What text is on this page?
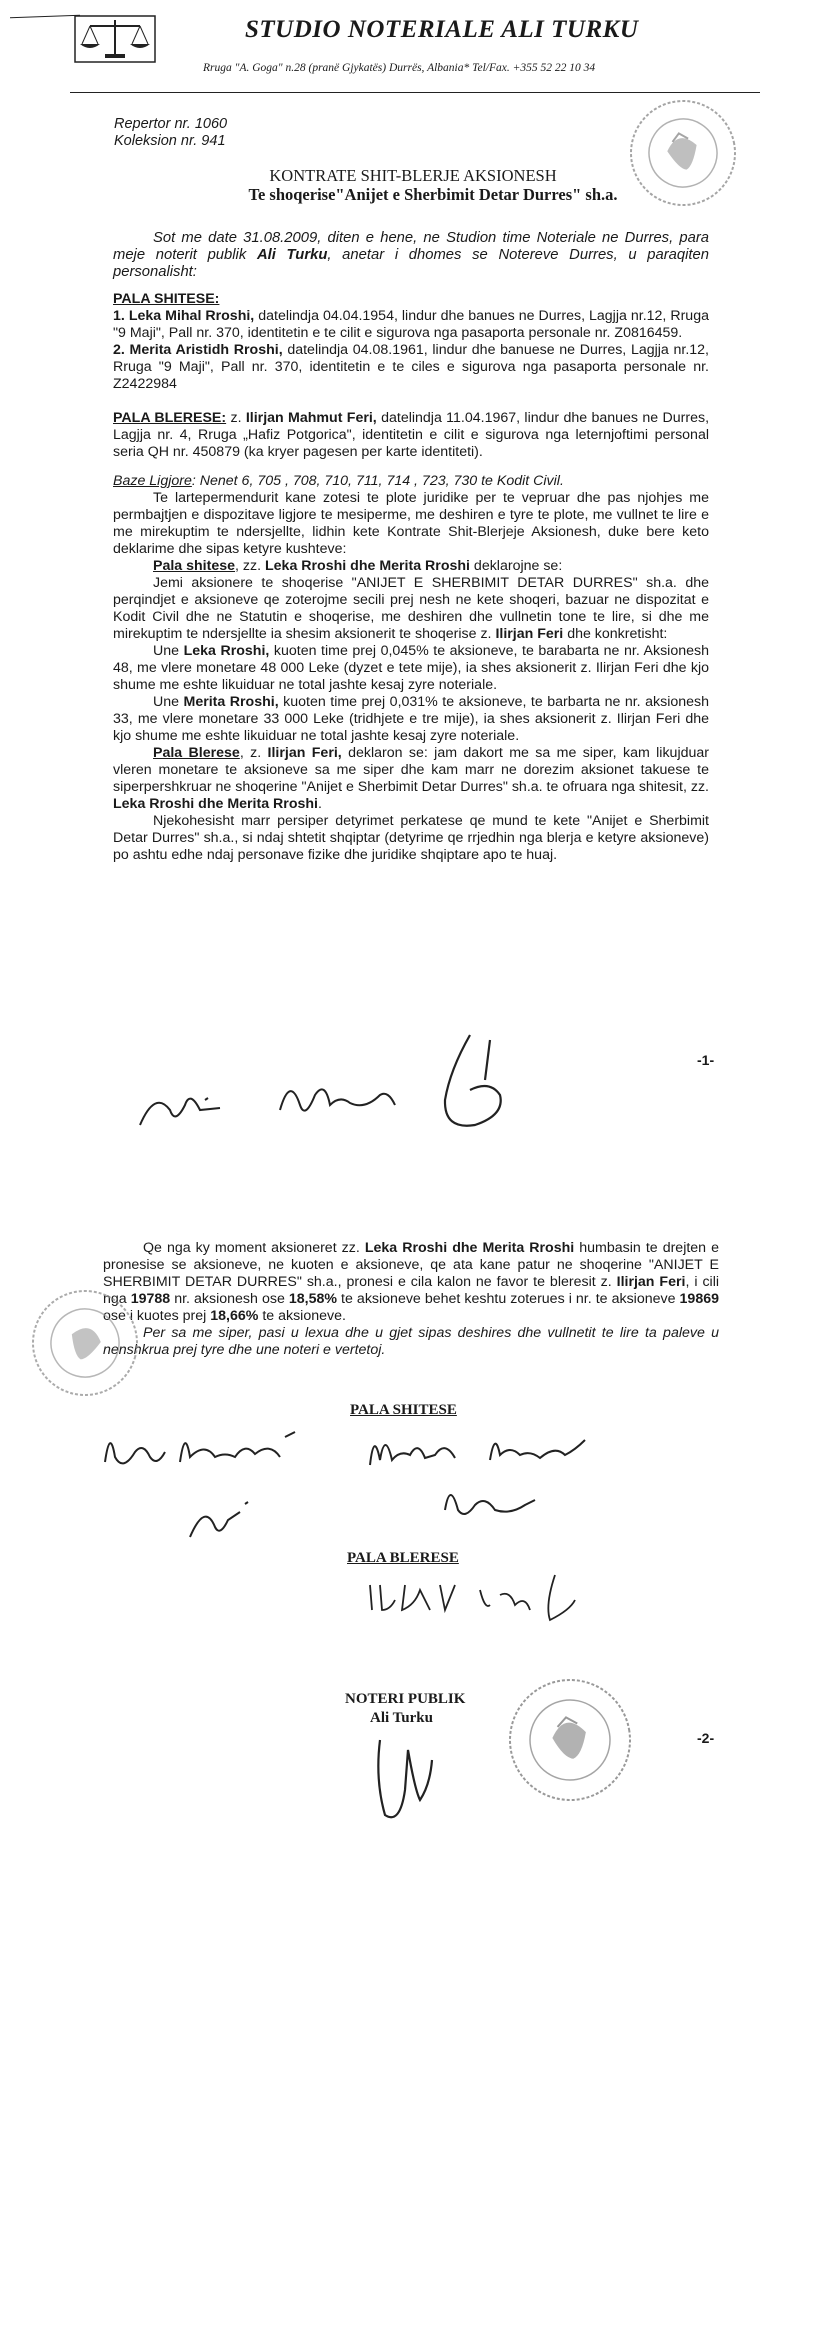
STUDIO NOTERIALE ALI TURKU
Rruga "A. Goga" n.28 (pranë Gjykatës) Durrës, Albania* Tel/Fax. +355 52 22 10 34
Repertor nr. 1060
Koleksion nr. 941
KONTRATE SHIT-BLERJE AKSIONESH
Te shoqerise"Anijet e Sherbimit Detar Durres" sh.a.

Sot me date 31.08.2009, diten e hene, ne Studion time Noteriale ne Durres, para meje noterit publik Ali Turku, anetar i dhomes se Notereve Durres, u paraqiten personalisht:

PALA SHITESE:

1. Leka Mihal Rroshi, datelindja 04.04.1954, lindur dhe banues ne Durres, Lagjja nr.12, Rruga "9 Maji", Pall nr. 370, identitetin e te cilit e sigurova nga pasaporta personale nr. Z0816459.

2. Merita Aristidh Rroshi, datelindja 04.08.1961, lindur dhe banuese ne Durres, Lagjja nr.12, Rruga "9 Maji", Pall nr. 370, identitetin e te ciles e sigurova nga pasaporta personale nr. Z2422984

PALA BLERESE: z. Ilirjan Mahmut Feri, datelindja 11.04.1967, lindur dhe banues ne Durres, Lagjja nr. 4, Rruga „Hafiz Potgorica", identitetin e cilit e sigurova nga leternjoftimi personal seria QH nr. 450879 (ka kryer pagesen per karte identiteti).

Baze Ligjore: Nenet 6, 705 , 708, 710, 711, 714 , 723, 730 te Kodit Civil.

Te lartepermendurit kane zotesi te plote juridike per te vepruar dhe pas njohjes me permbajtjen e dispozitave ligjore te mesiperme, me deshiren e tyre te plote, me vullnet te lire e me mirekuptim te ndersjellte, lidhin kete Kontrate Shit-Blerjeje Aksionesh, duke bere keto deklarime dhe sipas ketyre kushteve:

Pala shitese, zz. Leka Rroshi dhe Merita Rroshi deklarojne se:

Jemi aksionere te shoqerise "ANIJET E SHERBIMIT DETAR DURRES" sh.a. dhe perqindjet e aksioneve qe zoterojme secili prej nesh ne kete shoqeri, bazuar ne dispozitat e Kodit Civil dhe ne Statutin e shoqerise, me deshiren dhe vullnetin tone te lire, si dhe me mirekuptim te ndersjellte ia shesim aksionerit te shoqerise z. Ilirjan Feri dhe konkretisht:

Une Leka Rroshi, kuoten time prej 0,045% te aksioneve, te barabarta ne nr. Aksionesh 48, me vlere monetare 48 000 Leke (dyzet e tete mije), ia shes aksionerit z. Ilirjan Feri dhe kjo shume me eshte likuiduar ne total jashte kesaj zyre noteriale.

Une Merita Rroshi, kuoten time prej 0,031% te aksioneve, te barbarta ne nr. aksionesh 33, me vlere monetare 33 000 Leke (tridhjete e tre mije), ia shes aksionerit z. Ilirjan Feri dhe kjo shume me eshte likuiduar ne total jashte kesaj zyre noteriale.

Pala Blerese, z. Ilirjan Feri, deklaron se: jam dakort me sa me siper, kam likujduar vleren monetare te aksioneve sa me siper dhe kam marr ne dorezim aksionet takuese te siperpershkruar ne shoqerine "Anijet e Sherbimit Detar Durres" sh.a. te ofruara nga shitesit, zz. Leka Rroshi dhe Merita Rroshi.

Njekohesisht marr persiper detyrimet perkatese qe mund te kete "Anijet e Sherbimit Detar Durres" sh.a., si ndaj shtetit shqiptar (detyrime qe rrjedhin nga blerja e ketyre aksioneve) po ashtu edhe ndaj personave fizike dhe juridike shqiptare apo te huaj.

-1-

Qe nga ky moment aksioneret zz. Leka Rroshi dhe Merita Rroshi humbasin te drejten e pronesise se aksioneve, ne kuoten e aksioneve, qe ata kane patur ne shoqerine "ANIJET E SHERBIMIT DETAR DURRES" sh.a., pronesi e cila kalon ne favor te bleresit z. Ilirjan Feri, i cili nga 19788 nr. aksionesh ose 18,58% te aksioneve behet keshtu zoterues i nr. te aksioneve 19869 ose i kuotes prej 18,66% te aksioneve.

Per sa me siper, pasi u lexua dhe u gjet sipas deshires dhe vullnetit te lire ta paleve u nenshkrua prej tyre dhe une noteri e vertetoj.

PALA SHITESE
PALA BLERESE
NOTERI PUBLIK
Ali Turku
-2-
